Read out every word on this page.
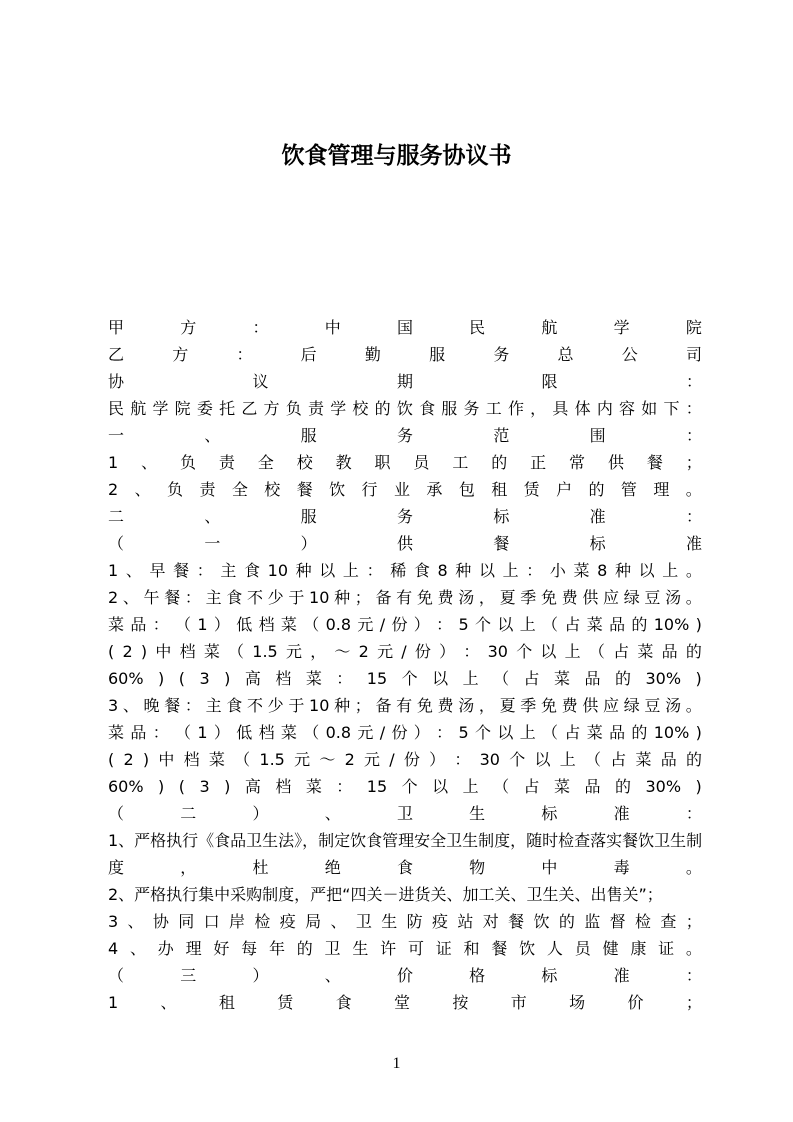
饮食管理与服务协议书
甲	方	：	中	国	民	航	学	院
乙	方	：	后	勤	服	务	总	公	司
协	议	期	限	：
民 航 学 院 委 托 乙 方 负 责 学 校 的 饮 食 服 务 工 作 ， 具 体 内 容 如 下 ：
一	、	服	务	范	围	：
1 、 负 责 全 校 教 职 员 工 的 正 常 供 餐 ；
2 、 负 责 全 校 餐 饮 行 业 承 包 租 赁 户 的 管 理 。
二	、	服	务	标	准	：
（	一	）	供	餐	标	准
1 、 早 餐 ： 主 食 10 种 以 上 ： 稀 食 8 种 以 上 ： 小 菜 8 种 以 上 。
2 、 午 餐 ： 主 食 不 少 于 10 种 ； 备 有 免 费 汤 ， 夏 季 免 费 供 应 绿 豆 汤 。
菜 品 ： （ 1 ） 低 档 菜 （ 0.8 元 / 份 ） ： 5 个 以 上 （ 占 菜 品 的 10% )
( 2 ) 中 档 菜 （ 1.5 元 ， ～ 2 元 / 份 ） ： 30 个 以 上 （ 占 菜 品 的
60% ) ( 3 ) 高 档 菜 ： 15 个 以 上 （ 占 菜 品 的 30% )
3 、 晚 餐 ： 主 食 不 少 于 10 种 ； 备 有 免 费 汤 ， 夏 季 免 费 供 应 绿 豆 汤 。
菜 品 ： （ 1 ） 低 档 菜 （ 0.8 元 / 份 ） ： 5 个 以 上 （ 占 菜 品 的 10% )
( 2 ) 中 档 菜 （ 1.5 元 ～ 2 元 / 份 ） ： 30 个 以 上 （ 占 菜 品 的
60% ) ( 3 ) 高 档 菜 ： 15 个 以 上 （ 占 菜 品 的 30% )
（	二	）	、	卫	生	标	准	：
1、严格执行《食品卫生法》，制定饮食管理安全卫生制度，随时检查落实餐饮卫生制
度	，	杜	绝	食	物	中	毒	。
2、严格执行集中采购制度，严把“四关－进货关、加工关、卫生关、出售关”；
3 、 协 同 口 岸 检 疫 局 、 卫 生 防 疫 站 对 餐 饮 的 监 督 检 查 ；
4 、 办 理 好 每 年 的 卫 生 许 可 证 和 餐 饮 人 员 健 康 证 。
（	三	）	、	价	格	标	准	：
1	、	租	赁	食	堂	按	市	场	价	；
1
